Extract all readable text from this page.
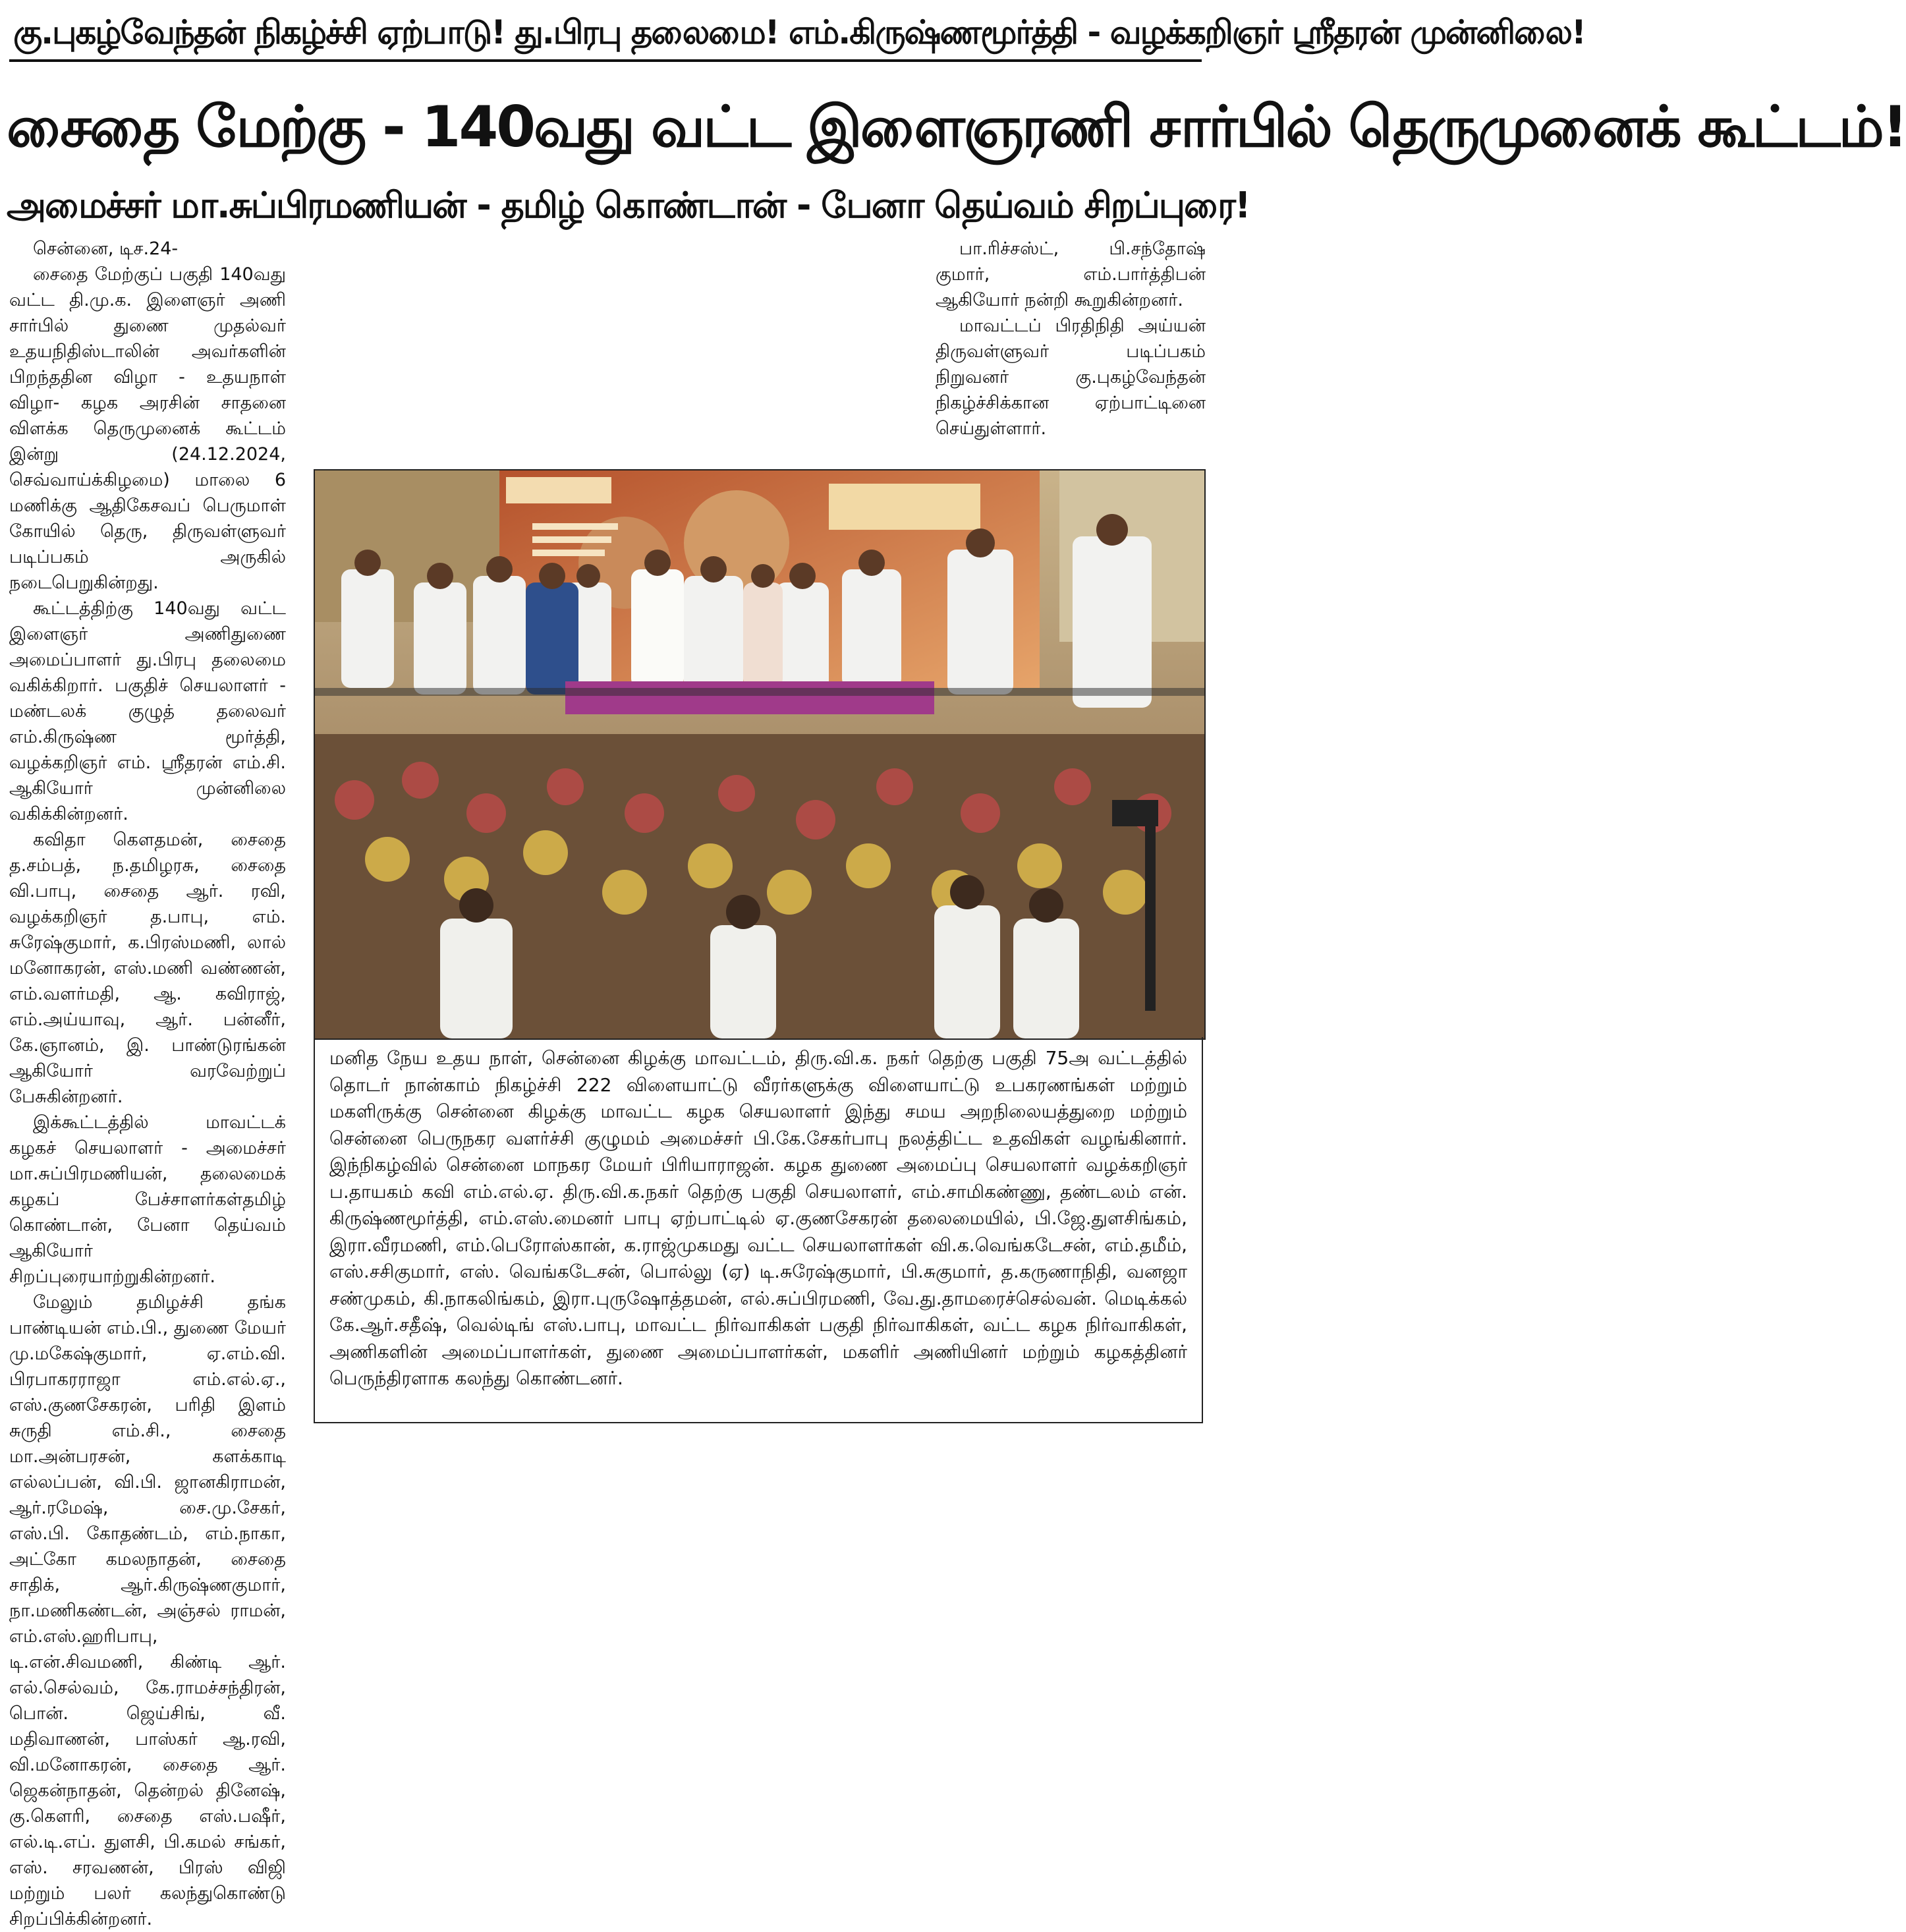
கு.புகழ்வேந்தன் நிகழ்ச்சி ஏற்பாடு! து.பிரபு தலைமை! எம்.கிருஷ்ணமூர்த்தி - வழக்கறிஞர் ஸ்ரீதரன் முன்னிலை!
சைதை மேற்கு - 140வது வட்ட இளைஞரணி சார்பில் தெருமுனைக் கூட்டம்!
அமைச்சர் மா.சுப்பிரமணியன் - தமிழ் கொண்டான் - பேனா தெய்வம் சிறப்புரை!

சென்னை, டிச.24-

சைதை மேற்குப் பகுதி 140வது வட்ட தி.மு.க. இளைஞர் அணி சார்பில் துணை முதல்வர் உதயநிதிஸ்டாலின் அவர்களின் பிறந்ததின விழா - உதயநாள் விழா- கழக அரசின் சாதனை விளக்க தெருமுனைக் கூட்டம் இன்று (24.12.2024, செவ்வாய்க்கிழமை) மாலை 6 மணிக்கு ஆதிகேசவப் பெருமாள் கோயில் தெரு, திருவள்ளுவர் படிப்பகம் அருகில் நடைபெறுகின்றது.

கூட்டத்திற்கு 140வது வட்ட இளைஞர் அணிதுணை அமைப்பாளர் து.பிரபு தலைமை வகிக்கிறார். பகுதிச் செயலாளர் - மண்டலக் குழுத் தலைவர் எம்.கிருஷ்ண மூர்த்தி, வழக்கறிஞர் எம். ஸ்ரீதரன் எம்.சி. ஆகியோர் முன்னிலை வகிக்கின்றனர்.

கவிதா கௌதமன், சைதை த.சம்பத், ந.தமிழரசு, சைதை வி.பாபு, சைதை ஆர். ரவி, வழக்கறிஞர் த.பாபு, எம். சுரேஷ்குமார், க.பிரஸ்மணி, லால் மனோகரன், எஸ்.மணி வண்ணன், எம்.வளர்மதி, ஆ. கவிராஜ், எம்.அய்யாவு, ஆர். பன்னீர், கே.ஞானம், இ. பாண்டுரங்கன் ஆகியோர் வரவேற்றுப் பேசுகின்றனர்.

இக்கூட்டத்தில் மாவட்டக் கழகச் செயலாளர் - அமைச்சர் மா.சுப்பிரமணியன், தலைமைக் கழகப் பேச்சாளர்கள்தமிழ் கொண்டான், பேனா தெய்வம் ஆகியோர் சிறப்புரையாற்றுகின்றனர்.

மேலும் தமிழச்சி தங்க பாண்டியன் எம்.பி., துணை மேயர் மு.மகேஷ்குமார், ஏ.எம்.வி. பிரபாகரராஜா எம்.எல்.ஏ., எஸ்.குணசேகரன், பரிதி இளம் சுருதி எம்.சி., சைதை மா.அன்பரசன், களக்காடி எல்லப்பன், வி.பி. ஜானகிராமன், ஆர்.ரமேஷ், சை.மு.சேகர், எஸ்.பி. கோதண்டம், எம்.நாகா, அட்கோ கமலநாதன், சைதை சாதிக், ஆர்.கிருஷ்ணகுமார், நா.மணிகண்டன், அஞ்சல் ராமன், எம்.எஸ்.ஹரிபாபு, டி.என்.சிவமணி, கிண்டி ஆர். எல்.செல்வம், கே.ராமச்சந்திரன், பொன். ஜெய்சிங், வீ. மதிவாணன், பாஸ்கர் ஆ.ரவி, வி.மனோகரன், சைதை ஆர். ஜெகன்நாதன், தென்றல் தினேஷ், கு.கௌரி, சைதை எஸ்.பஷீர், எல்.டி.எப். துளசி, பி.கமல் சங்கர், எஸ். சரவணன், பிரஸ் விஜி மற்றும் பலர் கலந்துகொண்டு சிறப்பிக்கின்றனர்.

பா.ரிச்சஸ்ட், பி.சந்தோஷ் குமார், எம்.பார்த்திபன் ஆகியோர் நன்றி கூறுகின்றனர்.

மாவட்டப் பிரதிநிதி அய்யன் திருவள்ளுவர் படிப்பகம் நிறுவனர் கு.புகழ்வேந்தன் நிகழ்ச்சிக்கான ஏற்பாட்டினை செய்துள்ளார்.

மனித நேய உதய நாள், சென்னை கிழக்கு மாவட்டம், திரு.வி.க. நகர் தெற்கு பகுதி 75அ வட்டத்தில் தொடர் நான்காம் நிகழ்ச்சி 222 விளையாட்டு வீரர்களுக்கு விளையாட்டு உபகரணங்கள் மற்றும் மகளிருக்கு சென்னை கிழக்கு மாவட்ட கழக செயலாளர் இந்து சமய அறநிலையத்துறை மற்றும் சென்னை பெருநகர வளர்ச்சி குழுமம் அமைச்சர் பி.கே.சேகர்பாபு நலத்திட்ட உதவிகள் வழங்கினார். இந்நிகழ்வில் சென்னை மாநகர மேயர் பிரியாராஜன். கழக துணை அமைப்பு செயலாளர் வழக்கறிஞர் ப.தாயகம் கவி எம்.எல்.ஏ. திரு.வி.க.நகர் தெற்கு பகுதி செயலாளர், எம்.சாமிகண்ணு, தண்டலம் என். கிருஷ்ணமூர்த்தி, எம்.எஸ்.மைனர் பாபு ஏற்பாட்டில் ஏ.குணசேகரன் தலைமையில், பி.ஜே.துளசிங்கம், இரா.வீரமணி, எம்.பெரோஸ்கான், க.ராஜ்முகமது வட்ட செயலாளர்கள் வி.க.வெங்கடேசன், எம்.தமீம், எஸ்.சசிகுமார், எஸ். வெங்கடேசன், பொல்லு (ஏ) டி.சுரேஷ்குமார், பி.சுகுமார், த.கருணாநிதி, வனஜா சண்முகம், கி.நாகலிங்கம், இரா.புருஷோத்தமன், எல்.சுப்பிரமணி, வே.து.தாமரைச்செல்வன். மெடிக்கல் கே.ஆர்.சதீஷ், வெல்டிங் எஸ்.பாபு, மாவட்ட நிர்வாகிகள் பகுதி நிர்வாகிகள், வட்ட கழக நிர்வாகிகள், அணிகளின் அமைப்பாளர்கள், துணை அமைப்பாளர்கள், மகளிர் அணியினர் மற்றும் கழகத்தினர் பெருந்திரளாக கலந்து கொண்டனர்.
